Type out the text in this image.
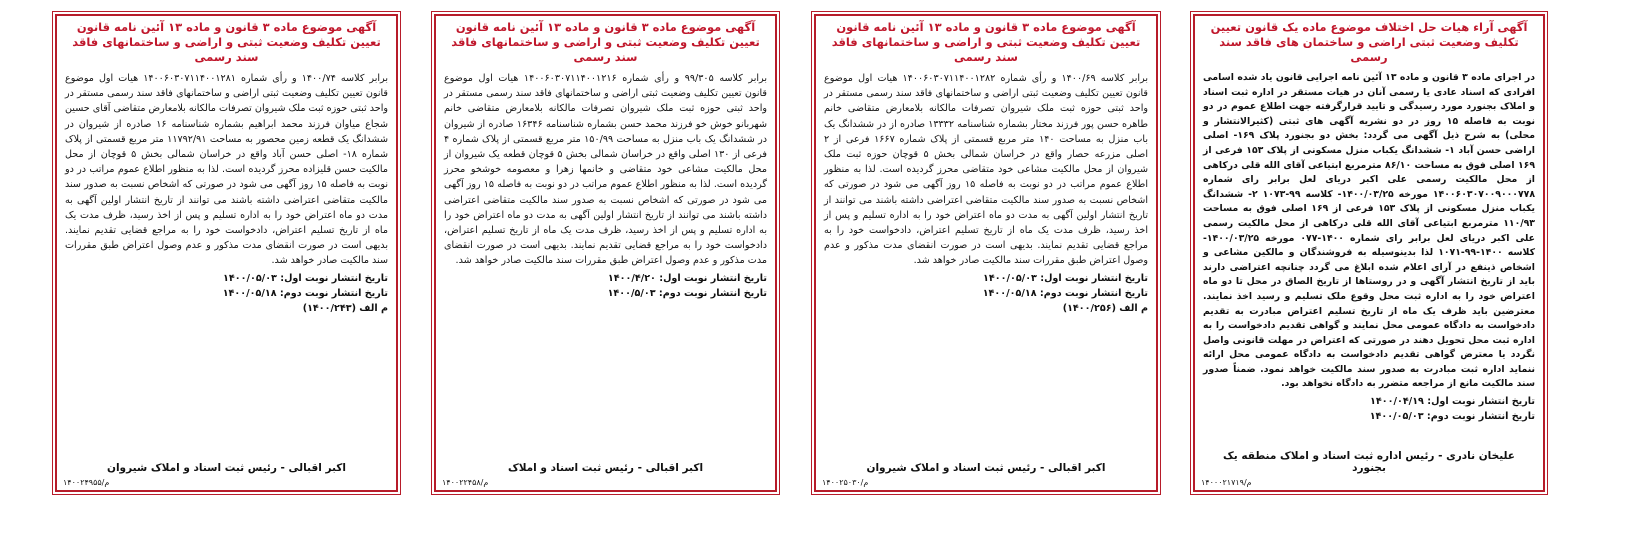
آگهی آراء هیات حل اختلاف موضوع ماده یک قانون تعیین تکلیف وضعیت ثبتی اراضی و ساختمان های فاقد سند رسمی

در اجرای ماده ۳ قانون و ماده ۱۳ آئین نامه اجرایی قانون یاد شده اسامی افرادی که اسناد عادی یا رسمی آنان در هیات مستقر در اداره ثبت اسناد و املاک بجنورد مورد رسیدگی و تایید قرارگرفته جهت اطلاع عموم در دو نوبت به فاصله ۱۵ روز در دو نشریه آگهی های ثبتی (کثیرالانتشار و محلی) به شرح ذیل آگهی می گردد: بخش دو بجنورد پلاک ۱۶۹- اصلی اراضی حسن آباد ۱- ششدانگ یکباب منزل مسکونی از پلاک ۱۵۳ فرعی از ۱۶۹ اصلی فوق به مساحت ۸۶/۱۰ مترمربع ابتیاعی آقای الله قلی درکاهی از محل مالکیت رسمی علی اکبر دریای لعل برابر رای شماره ۱۴۰۰۶۰۳۰۷۰۰۹۰۰۰۷۷۸ مورخه ۱۴۰۰/۰۳/۲۵- کلاسه ۹۹-۱۰۷۳ ۲- ششدانگ یکباب منزل مسکونی از پلاک ۱۵۳ فرعی از ۱۶۹ اصلی فوق به مساحت ۱۱۰/۹۳ مترمربع ابتیاعی آقای الله قلی درکاهی از محل مالکیت رسمی علی اکبر دریای لعل برابر رای شماره ۱۴۰۰-۰۷۷ مورخه ۱۴۰۰/۰۳/۲۵- کلاسه ۱۴۰۰-۹۹-۱۰۷۱ لذا بدینوسیله به فروشندگان و مالکین مشاعی و اشخاص ذینفع در آرای اعلام شده ابلاغ می گردد چنانچه اعتراضی دارند باید از تاریخ انتشار آگهی و در روستاها از تاریخ الصاق در محل تا دو ماه اعتراض خود را به اداره ثبت محل وقوع ملک تسلیم و رسید اخذ نمایند. معترضین باید ظرف یک ماه از تاریخ تسلیم اعتراض مبادرت به تقدیم دادخواست به دادگاه عمومی محل نمایند و گواهی تقدیم دادخواست را به اداره ثبت محل تحویل دهند در صورتی که اعتراض در مهلت قانونی واصل نگردد یا معترض گواهی تقدیم دادخواست به دادگاه عمومی محل ارائه ننماید اداره ثبت مبادرت به صدور سند مالکیت خواهد نمود. ضمناً صدور سند مالکیت مانع از مراجعه متضرر به دادگاه نخواهد بود.

تاریخ انتشار نوبت اول: ۱۴۰۰/۰۴/۱۹
تاریخ انتشار نوبت دوم: ۱۴۰۰/۰۵/۰۳
علیخان نادری - رئیس اداره ثبت اسناد و املاک منطقه یک بجنورد
۱۴۰۰۰۲۱۷۱۹/م
آگهی موضوع ماده ۳ قانون و ماده ۱۳ آئین نامه قانون تعیین تکلیف وضعیت ثبتی و اراضی و ساختمانهای فاقد سند رسمی

برابر کلاسه ۱۴۰۰/۶۹ و رأی شماره ۱۴۰۰۶۰۳۰۷۱۱۴۰۰۱۲۸۲ هیات اول موضوع قانون تعیین تکلیف وضعیت ثبتی اراضی و ساختمانهای فاقد سند رسمی مستقر در واحد ثبتی حوزه ثبت ملک شیروان تصرفات مالکانه بلامعارض متقاضی خانم طاهره حسن پور فرزند مختار بشماره شناسنامه ۱۳۳۳۲ صادره از در ششدانگ یک باب منزل به مساحت ۱۴۰ متر مربع قسمتی از پلاک شماره ۱۶۶۷ فرعی از ۲ اصلی مزرعه حصار واقع در خراسان شمالی بخش ۵ قوچان حوزه ثبت ملک شیروان از محل مالکیت مشاعی خود متقاضی محرز گردیده است. لذا به منظور اطلاع عموم مراتب در دو نوبت به فاصله ۱۵ روز آگهی می شود در صورتی که اشخاص نسبت به صدور سند مالکیت متقاضی اعتراضی داشته باشند می توانند از تاریخ انتشار اولین آگهی به مدت دو ماه اعتراض خود را به اداره تسلیم و پس از اخذ رسید، ظرف مدت یک ماه از تاریخ تسلیم اعتراض، دادخواست خود را به مراجع قضایی تقدیم نمایند. بدیهی است در صورت انقضای مدت مذکور و عدم وصول اعتراض طبق مقررات سند مالکیت صادر خواهد شد.

تاریخ انتشار نوبت اول: ۱۴۰۰/۰۵/۰۳
تاریخ انتشار نوبت دوم: ۱۴۰۰/۰۵/۱۸
م الف (۱۴۰۰/۲۵۶)
اکبر اقبالی - رئیس ثبت اسناد و املاک شیروان
۱۴۰۰۲۵۰۳۰/م
آگهی موضوع ماده ۳ قانون و ماده ۱۳ آئین نامه قانون تعیین تکلیف وضعیت ثبتی و اراضی و ساختمانهای فاقد سند رسمی

برابر کلاسه ۹۹/۳۰۵ و رأی شماره ۱۴۰۰۶۰۳۰۷۱۱۴۰۰۱۲۱۶ هیات اول موضوع قانون تعیین تکلیف وضعیت ثبتی اراضی و ساختمانهای فاقد سند رسمی مستقر در واحد ثبتی حوزه ثبت ملک شیروان تصرفات مالکانه بلامعارض متقاضی خانم شهربانو خوش خو فرزند محمد حسن بشماره شناسنامه ۱۶۳۴۶ صادره از شیروان در ششدانگ یک باب منزل به مساحت ۱۵۰/۹۹ متر مربع قسمتی از پلاک شماره ۴ فرعی از ۱۳۰ اصلی واقع در خراسان شمالی بخش ۵ قوچان قطعه یک شیروان از محل مالکیت مشاعی خود متقاضی و خانمها زهرا و معصومه خوشخو محرز گردیده است. لذا به منظور اطلاع عموم مراتب در دو نوبت به فاصله ۱۵ روز آگهی می شود در صورتی که اشخاص نسبت به صدور سند مالکیت متقاضی اعتراضی داشته باشند می توانند از تاریخ انتشار اولین آگهی به مدت دو ماه اعتراض خود را به اداره تسلیم و پس از اخذ رسید، ظرف مدت یک ماه از تاریخ تسلیم اعتراض، دادخواست خود را به مراجع قضایی تقدیم نمایند. بدیهی است در صورت انقضای مدت مذکور و عدم وصول اعتراض طبق مقررات سند مالکیت صادر خواهد شد.

تاریخ انتشار نوبت اول: ۱۴۰۰/۴/۲۰
تاریخ انتشار نوبت دوم: ۱۴۰۰/۵/۰۳
اکبر اقبالی - رئیس ثبت اسناد و املاک
۱۴۰۰۲۲۴۵۸/م
آگهی موضوع ماده ۳ قانون و ماده ۱۳ آئین نامه قانون تعیین تکلیف وضعیت ثبتی و اراضی و ساختمانهای فاقد سند رسمی

برابر کلاسه ۱۴۰۰/۷۴ و رأی شماره ۱۴۰۰۶۰۳۰۷۱۱۴۰۰۱۲۸۱ هیات اول موضوع قانون تعیین تکلیف وضعیت ثبتی اراضی و ساختمانهای فاقد سند رسمی مستقر در واحد ثبتی حوزه ثبت ملک شیروان تصرفات مالکانه بلامعارض متقاضی آقای حسین شجاع میاوان فرزند محمد ابراهیم بشماره شناسنامه ۱۶ صادره از شیروان در ششدانگ یک قطعه زمین محصور به مساحت ۱۱۷۹۲/۹۱ متر مربع قسمتی از پلاک شماره ۱۸- اصلی حسن آباد واقع در خراسان شمالی بخش ۵ قوچان از محل مالکیت حسن قلیزاده محرز گردیده است. لذا به منظور اطلاع عموم مراتب در دو نوبت به فاصله ۱۵ روز آگهی می شود در صورتی که اشخاص نسبت به صدور سند مالکیت متقاضی اعتراضی داشته باشند می توانند از تاریخ انتشار اولین آگهی به مدت دو ماه اعتراض خود را به اداره تسلیم و پس از اخذ رسید، ظرف مدت یک ماه از تاریخ تسلیم اعتراض، دادخواست خود را به مراجع قضایی تقدیم نمایند. بدیهی است در صورت انقضای مدت مذکور و عدم وصول اعتراض طبق مقررات سند مالکیت صادر خواهد شد.

تاریخ انتشار نوبت اول: ۱۴۰۰/۰۵/۰۳
تاریخ انتشار نوبت دوم: ۱۴۰۰/۰۵/۱۸
م الف (۱۴۰۰/۲۴۳)
اکبر اقبالی - رئیس ثبت اسناد و املاک شیروان
۱۴۰۰۲۴۹۵۵/م
